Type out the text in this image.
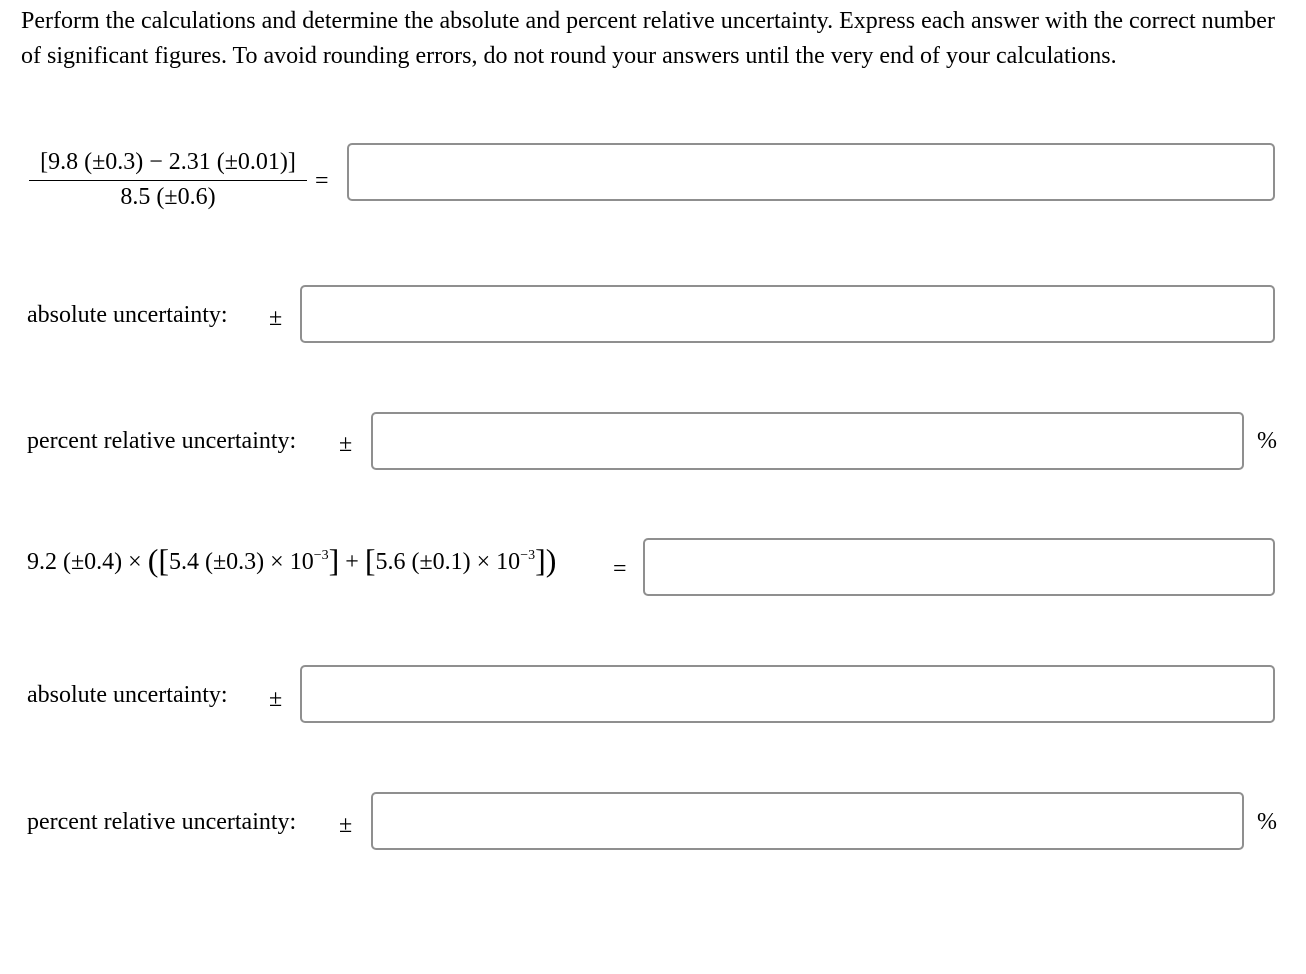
Perform the calculations and determine the absolute and percent relative uncertainty. Express each answer with the correct number of significant figures. To avoid rounding errors, do not round your answers until the very end of your calculations.

$\frac{[9.8 (\pm 0.3) - 2.31 (\pm 0.01)]}{8.5 (\pm 0.6)}$ =
absolute uncertainty: ±
percent relative uncertainty: ±	%
9.2 (±0.4) × ([5.4 $(\pm 0.3) \times 10^{-3}] + [5.6$ $(\pm 0.1) \times 10^{-3}$]) =
absolute uncertainty: ±
percent relative uncertainty: ±	%
